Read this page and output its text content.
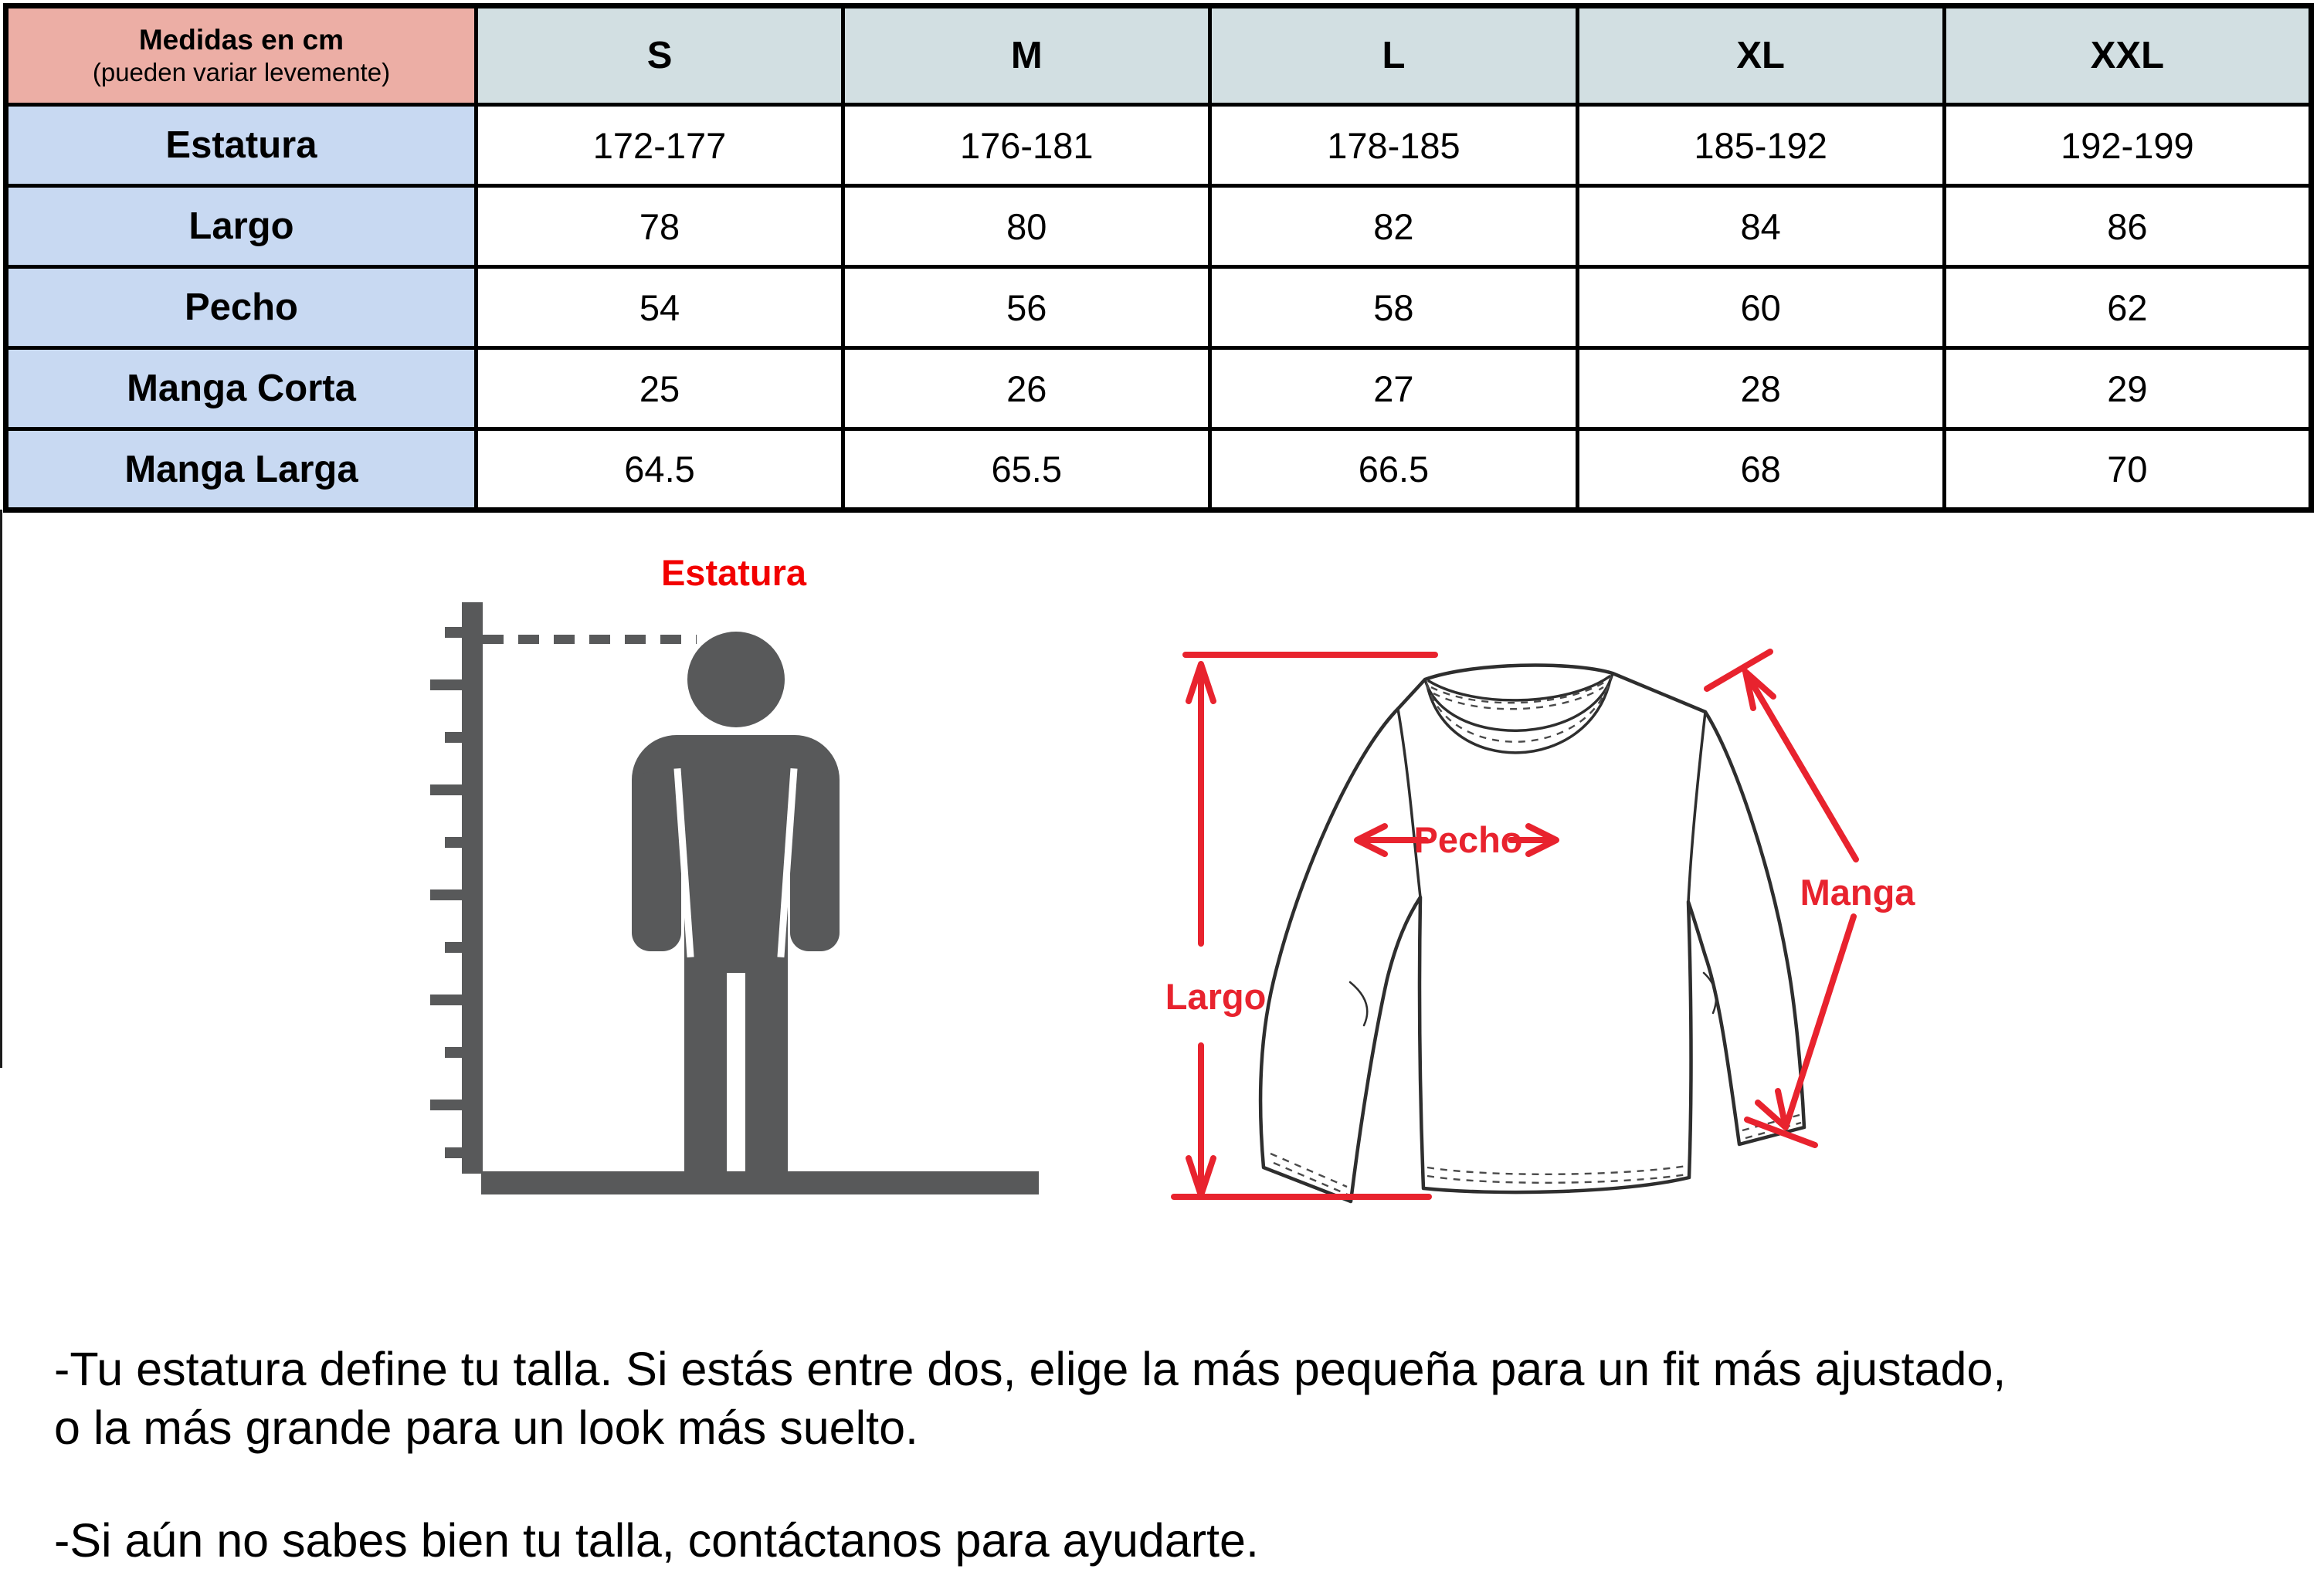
Medidas en cm
(pueden variar levemente)	S	M	L	XL	XXL
Estatura	172-177	176-181	178-185	185-192	192-199
Largo	78	80	82	84	86
Pecho	54	56	58	60	62
Manga Corta	25	26	27	28	29
Manga Larga	64.5	65.5	66.5	68	70
Estatura
Largo
Pecho
Manga

-Tu estatura define tu talla. Si estás entre dos, elige la más pequeña para un fit más ajustado,
o la más grande para un look más suelto.

-Si aún no sabes bien tu talla, contáctanos para ayudarte.
